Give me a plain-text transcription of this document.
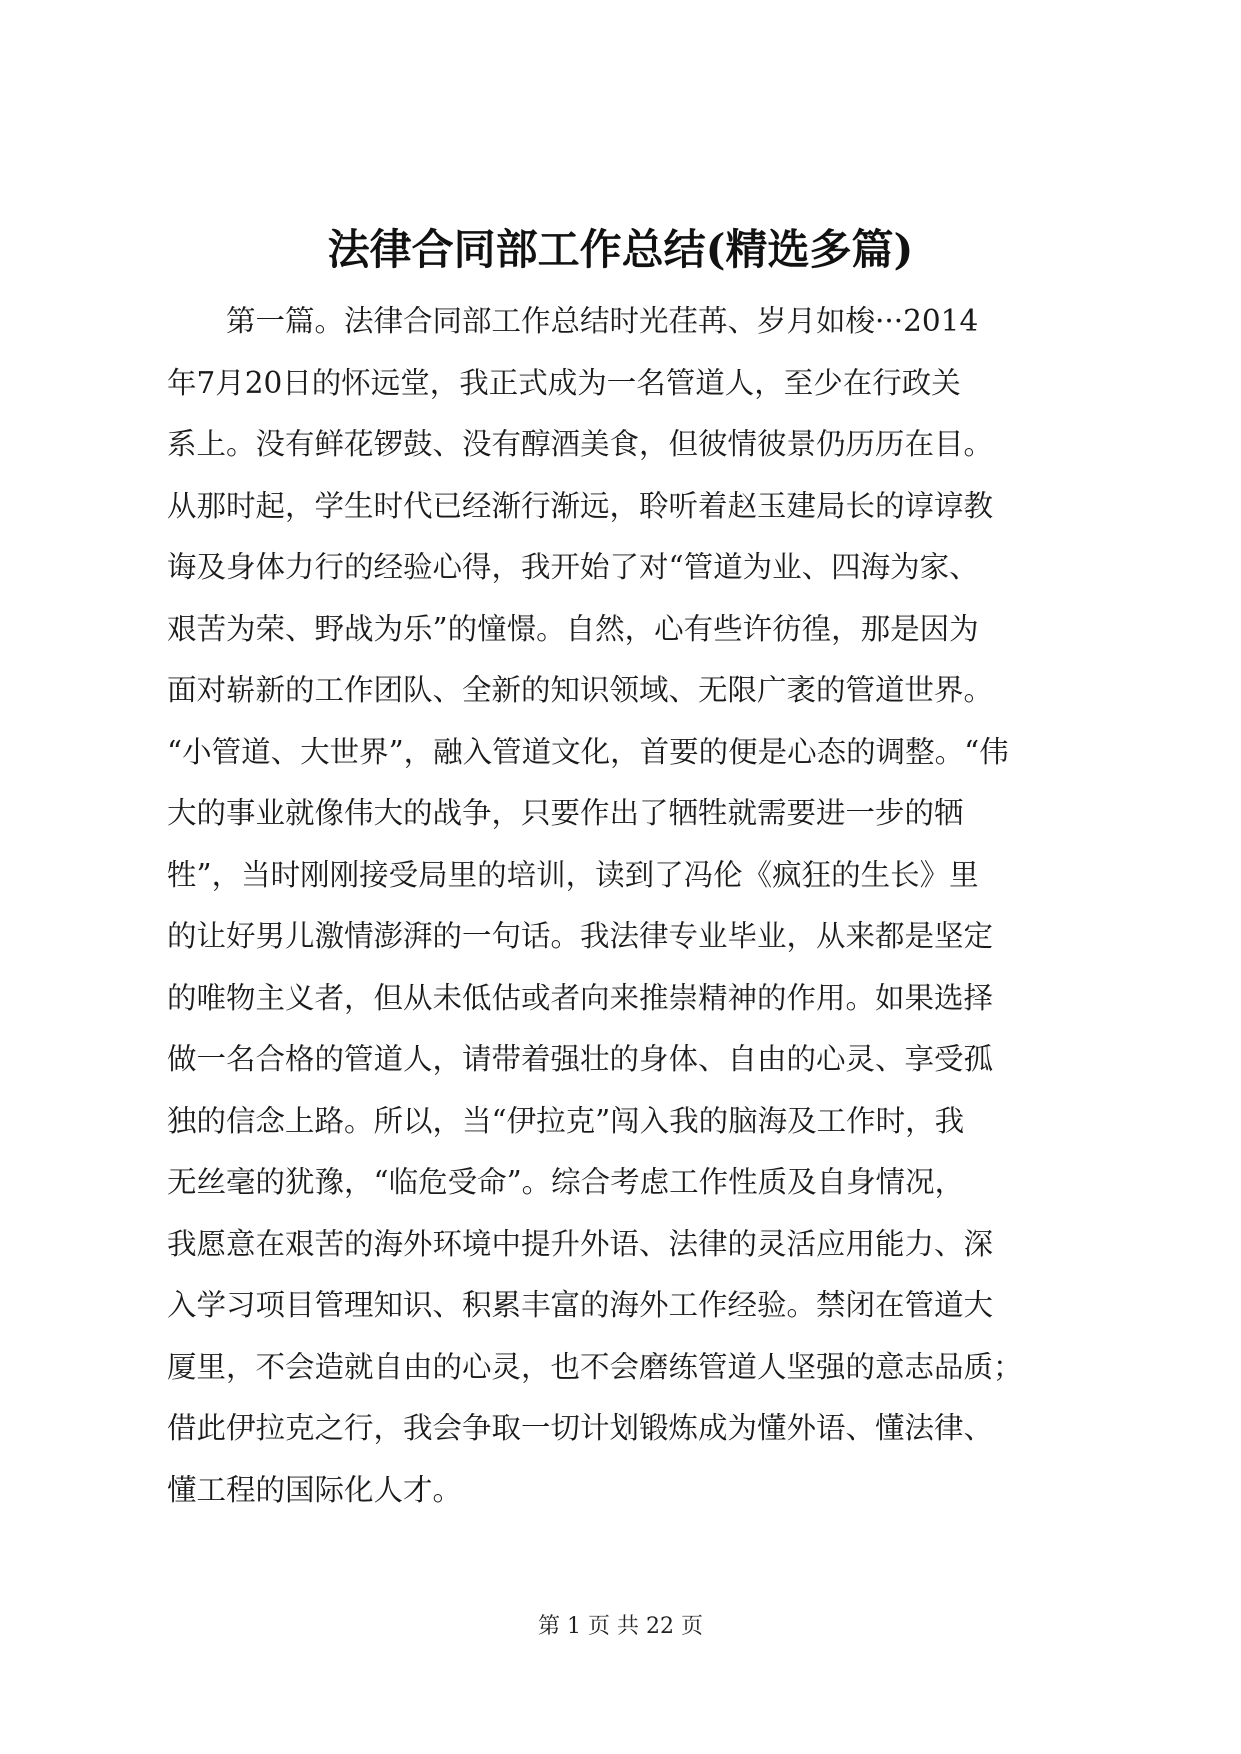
法律合同部工作总结(精选多篇)
　　第一篇。法律合同部工作总结时光荏苒、岁月如梭···2014
年7月20日的怀远堂，我正式成为一名管道人，至少在行政关
系上。没有鲜花锣鼓、没有醇酒美食，但彼情彼景仍历历在目。
从那时起，学生时代已经渐行渐远，聆听着赵玉建局长的谆谆教
诲及身体力行的经验心得，我开始了对“管道为业、四海为家、
艰苦为荣、野战为乐”的憧憬。自然，心有些许彷徨，那是因为
面对崭新的工作团队、全新的知识领域、无限广袤的管道世界。
“小管道、大世界”，融入管道文化，首要的便是心态的调整。“伟
大的事业就像伟大的战争，只要作出了牺牲就需要进一步的牺
牲”，当时刚刚接受局里的培训，读到了冯伦《疯狂的生长》里
的让好男儿激情澎湃的一句话。我法律专业毕业，从来都是坚定
的唯物主义者，但从未低估或者向来推崇精神的作用。如果选择
做一名合格的管道人，请带着强壮的身体、自由的心灵、享受孤
独的信念上路。所以，当“伊拉克”闯入我的脑海及工作时，我
无丝毫的犹豫，“临危受命”。综合考虑工作性质及自身情况，
我愿意在艰苦的海外环境中提升外语、法律的灵活应用能力、深
入学习项目管理知识、积累丰富的海外工作经验。禁闭在管道大
厦里，不会造就自由的心灵，也不会磨练管道人坚强的意志品质；
借此伊拉克之行，我会争取一切计划锻炼成为懂外语、懂法律、
懂工程的国际化人才。
第 1 页 共 22 页
